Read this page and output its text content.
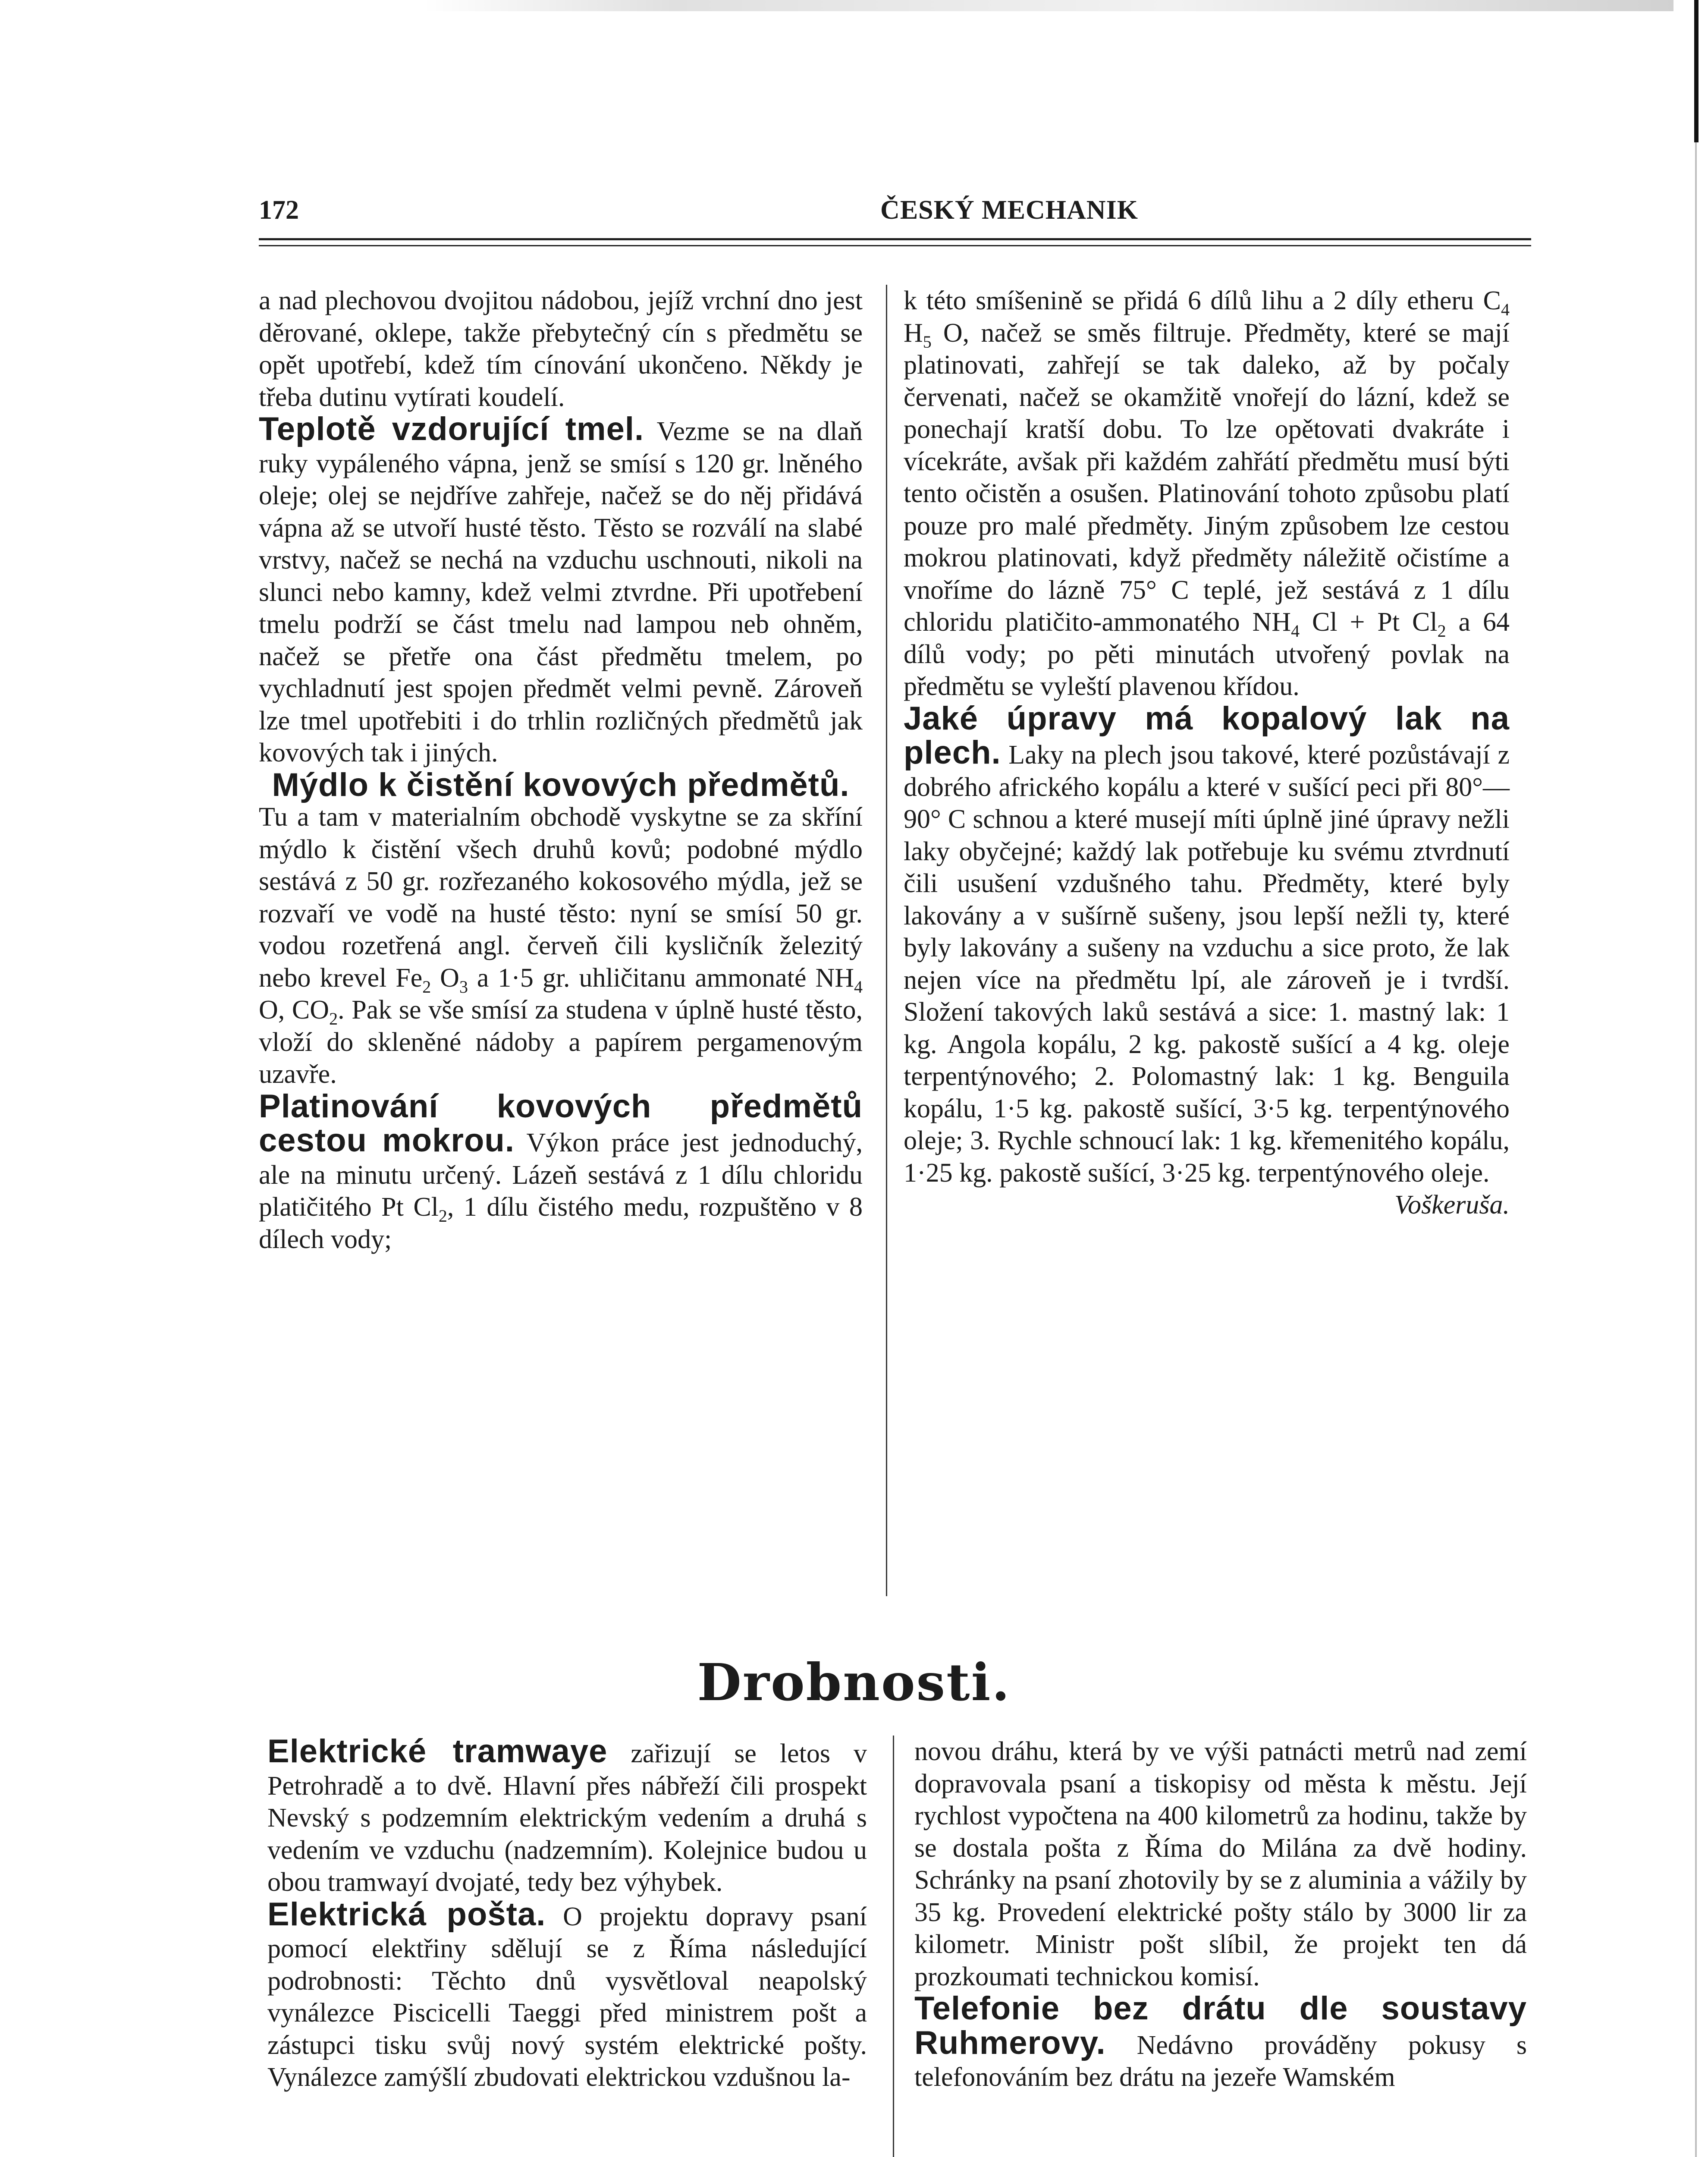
172	ČESKÝ MECHANIK

a nad plechovou dvojitou nádobou, jejíž vrchní dno jest děrované, oklepe, takže přebytečný cín s předmětu se opět upotřebí, kdež tím cínování ukončeno. Někdy je třeba dutinu vytírati koudelí.

Teplotě vzdorující tmel. Vezme se na dlaň ruky vypáleného vápna, jenž se smísí s 120 gr. lněného oleje; olej se nejdříve zahřeje, načež se do něj přidává vápna až se utvoří husté těsto. Těsto se rozválí na slabé vrstvy, načež se nechá na vzduchu uschnouti, nikoli na slunci nebo kamny, kdež velmi ztvrdne. Při upotřebení tmelu podrží se část tmelu nad lampou neb ohněm, načež se přetře ona část předmětu tmelem, po vychladnutí jest spojen předmět velmi pevně. Zároveň lze tmel upotřebiti i do trhlin rozličných předmětů jak kovových tak i jiných.

Mýdlo k čistění kovových předmětů.
Tu a tam v materialním obchodě vyskytne se za skříní mýdlo k čistění všech druhů kovů; podobné mýdlo sestává z 50 gr. rozřezaného kokosového mýdla, jež se rozvaří ve vodě na husté těsto: nyní se smísí 50 gr. vodou rozetřená angl. červeň čili kysličník železitý nebo krevel $Fe_2$ $O_3$ a 1·5 gr. uhličitanu ammonaté $NH_4$ O, $CO_2$. Pak se vše smísí za studena v úplně husté těsto, vloží do skleněné nádoby a papírem pergamenovým uzavře.

Platinování kovových předmětů cestou mokrou. Výkon práce jest jednoduchý, ale na minutu určený. Lázeň sestává z 1 dílu chloridu platičitého Pt $Cl_2$, 1 dílu čistého medu, rozpuštěno v 8 dílech vody;

k této smíšenině se přidá 6 dílů lihu a 2 díly etheru $C_4$ $H_5$ O, načež se směs filtruje. Předměty, které se mají platinovati, zahřejí se tak daleko, až by počaly červenati, načež se okamžitě vnořejí do lázní, kdež se ponechají kratší dobu. To lze opětovati dvakráte i vícekráte, avšak při každém zahřátí předmětu musí býti tento očistěn a osušen. Platinování tohoto způsobu platí pouze pro malé předměty. Jiným způsobem lze cestou mokrou platinovati, když předměty náležitě očistíme a vnoříme do lázně 75° C teplé, jež sestává z 1 dílu chloridu platičito-ammonatého $NH_4$ Cl + Pt $Cl_2$ a 64 dílů vody; po pěti minutách utvořený povlak na předmětu se vyleští plavenou křídou.

Jaké úpravy má kopalový lak na plech. Laky na plech jsou takové, které pozůstávají z dobrého afrického kopálu a které v sušící peci při 80°—90° C schnou a které musejí míti úplně jiné úpravy nežli laky obyčejné; každý lak potřebuje ku svému ztvrdnutí čili usušení vzdušného tahu. Předměty, které byly lakovány a v sušírně sušeny, jsou lepší nežli ty, které byly lakovány a sušeny na vzduchu a sice proto, že lak nejen více na předmětu lpí, ale zároveň je i tvrdší. Složení takových laků sestává a sice: 1. mastný lak: 1 kg. Angola kopálu, 2 kg. pakostě sušící a 4 kg. oleje terpentýnového; 2. Polomastný lak: 1 kg. Benguila kopálu, 1·5 kg. pakostě sušící, 3·5 kg. terpentýnového oleje; 3. Rychle schnoucí lak: 1 kg. křemenitého kopálu, 1·25 kg. pakostě sušící, 3·25 kg. terpentýnového oleje.
Voškeruša.

Drobnosti.

Elektrické tramwaye zařizují se letos v Petrohradě a to dvě. Hlavní přes nábřeží čili prospekt Nevský s podzemním elektrickým vedením a druhá s vedením ve vzduchu (nadzemním). Kolejnice budou u obou tramwayí dvojaté, tedy bez výhybek.

Elektrická pošta. O projektu dopravy psaní pomocí elektřiny sdělují se z Říma následující podrobnosti: Těchto dnů vysvětloval neapolský vynálezce Piscicelli Taeggi před ministrem pošt a zástupci tisku svůj nový systém elektrické pošty. Vynálezce zamýšlí zbudovati elektrickou vzdušnou la-

novou dráhu, která by ve výši patnácti metrů nad zemí dopravovala psaní a tiskopisy od města k městu. Její rychlost vypočtena na 400 kilometrů za hodinu, takže by se dostala pošta z Říma do Milána za dvě hodiny. Schránky na psaní zhotovily by se z aluminia a vážily by 35 kg. Provedení elektrické pošty stálo by 3000 lir za kilometr. Ministr pošt slíbil, že projekt ten dá prozkoumati technickou komisí.

Telefonie bez drátu dle soustavy Ruhmerovy. Nedávno prováděny pokusy s telefonováním bez drátu na jezeře Wamském
